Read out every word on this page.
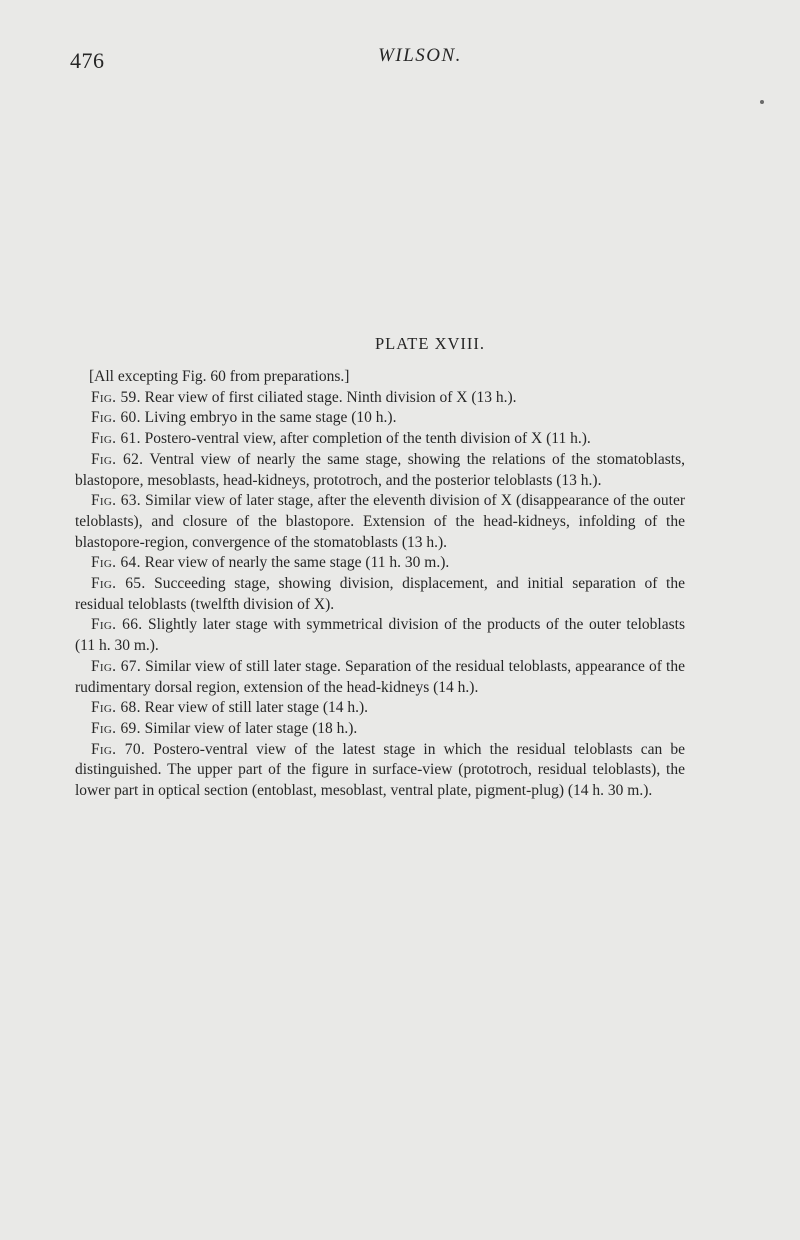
476	WILSON.
PLATE XVIII.

[All excepting Fig. 60 from preparations.]

Fig. 59. Rear view of first ciliated stage. Ninth division of X (13 h.).

Fig. 60. Living embryo in the same stage (10 h.).

Fig. 61. Postero-ventral view, after completion of the tenth division of X (11 h.).

Fig. 62. Ventral view of nearly the same stage, showing the relations of the stomatoblasts, blastopore, mesoblasts, head-kidneys, prototroch, and the posterior teloblasts (13 h.).

Fig. 63. Similar view of later stage, after the eleventh division of X (disappearance of the outer teloblasts), and closure of the blastopore. Extension of the head-kidneys, infolding of the blastopore-region, convergence of the stomatoblasts (13 h.).

Fig. 64. Rear view of nearly the same stage (11 h. 30 m.).

Fig. 65. Succeeding stage, showing division, displacement, and initial separation of the residual teloblasts (twelfth division of X).

Fig. 66. Slightly later stage with symmetrical division of the products of the outer teloblasts (11 h. 30 m.).

Fig. 67. Similar view of still later stage. Separation of the residual teloblasts, appearance of the rudimentary dorsal region, extension of the head-kidneys (14 h.).

Fig. 68. Rear view of still later stage (14 h.).

Fig. 69. Similar view of later stage (18 h.).

Fig. 70. Postero-ventral view of the latest stage in which the residual teloblasts can be distinguished. The upper part of the figure in surface-view (prototroch, residual teloblasts), the lower part in optical section (entoblast, mesoblast, ventral plate, pigment-plug) (14 h. 30 m.).
